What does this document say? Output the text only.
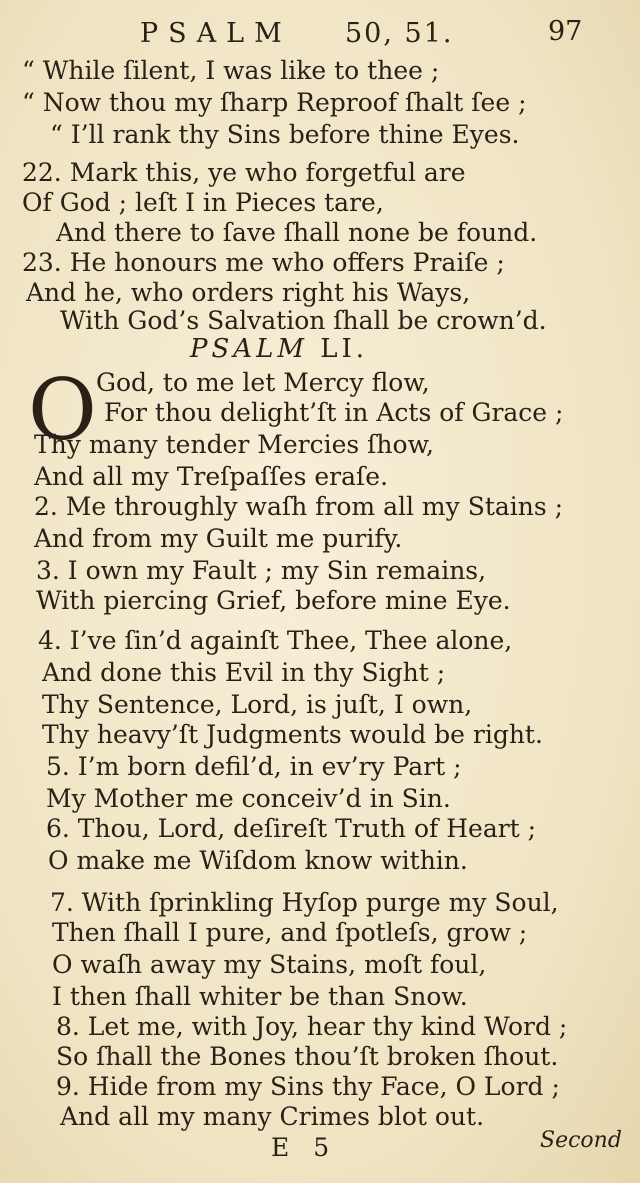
PSALM 50, 51.	97
“ While ſilent, I was like to thee ;
“ Now thou my ſharp Reproof ſhalt ſee ;
“ I’ll rank thy Sins before thine Eyes.
22. Mark this, ye who forgetful are
Of God ; leſt I in Pieces tare,
And there to ſave ſhall none be found.
23. He honours me who offers Praiſe ;
And he, who orders right his Ways,
With God’s Salvation ſhall be crown’d.
PSALM LI.
O God, to me let Mercy flow,
For thou delight’ſt in Acts of Grace ;
Thy many tender Mercies ſhow,
And all my Treſpaſſes eraſe.
2. Me throughly waſh from all my Stains ;
And from my Guilt me purify.
3. I own my Fault ; my Sin remains,
With piercing Grief, before mine Eye.
4. I’ve ſin’d againſt Thee, Thee alone,
And done this Evil in thy Sight ;
Thy Sentence, Lord, is juſt, I own,
Thy heavy’ſt Judgments would be right.
5. I’m born defil’d, in ev’ry Part ;
My Mother me conceiv’d in Sin.
6. Thou, Lord, deſireſt Truth of Heart ;
O make me Wiſdom know within.
7. With ſprinkling Hyſop purge my Soul,
Then ſhall I pure, and ſpotleſs, grow ;
O waſh away my Stains, moſt foul,
I then ſhall whiter be than Snow.
8. Let me, with Joy, hear thy kind Word ;
So ſhall the Bones thou’ſt broken ſhout.
9. Hide from my Sins thy Face, O Lord ;
And all my many Crimes blot out.
E 5	Second
